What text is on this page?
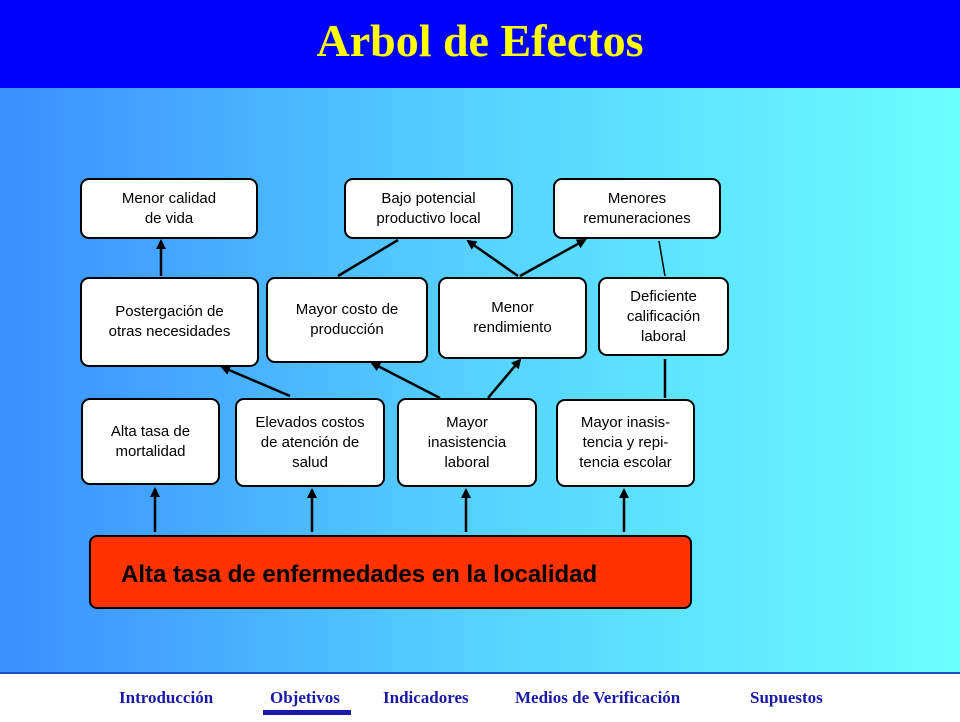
Arbol de Efectos
Menor calidad
de vida
Bajo potencial
productivo local
Menores
remuneraciones
Postergación de
otras necesidades
Mayor costo de
producción
Menor
rendimiento
Deficiente
calificación
laboral
Alta tasa de
mortalidad
Elevados costos
de atención de
salud
Mayor
inasistencia
laboral
Mayor inasis-
tencia y repi-
tencia escolar
Alta tasa de enfermedades en la localidad
Introducción	Objetivos	Indicadores	Medios de Verificación	Supuestos
